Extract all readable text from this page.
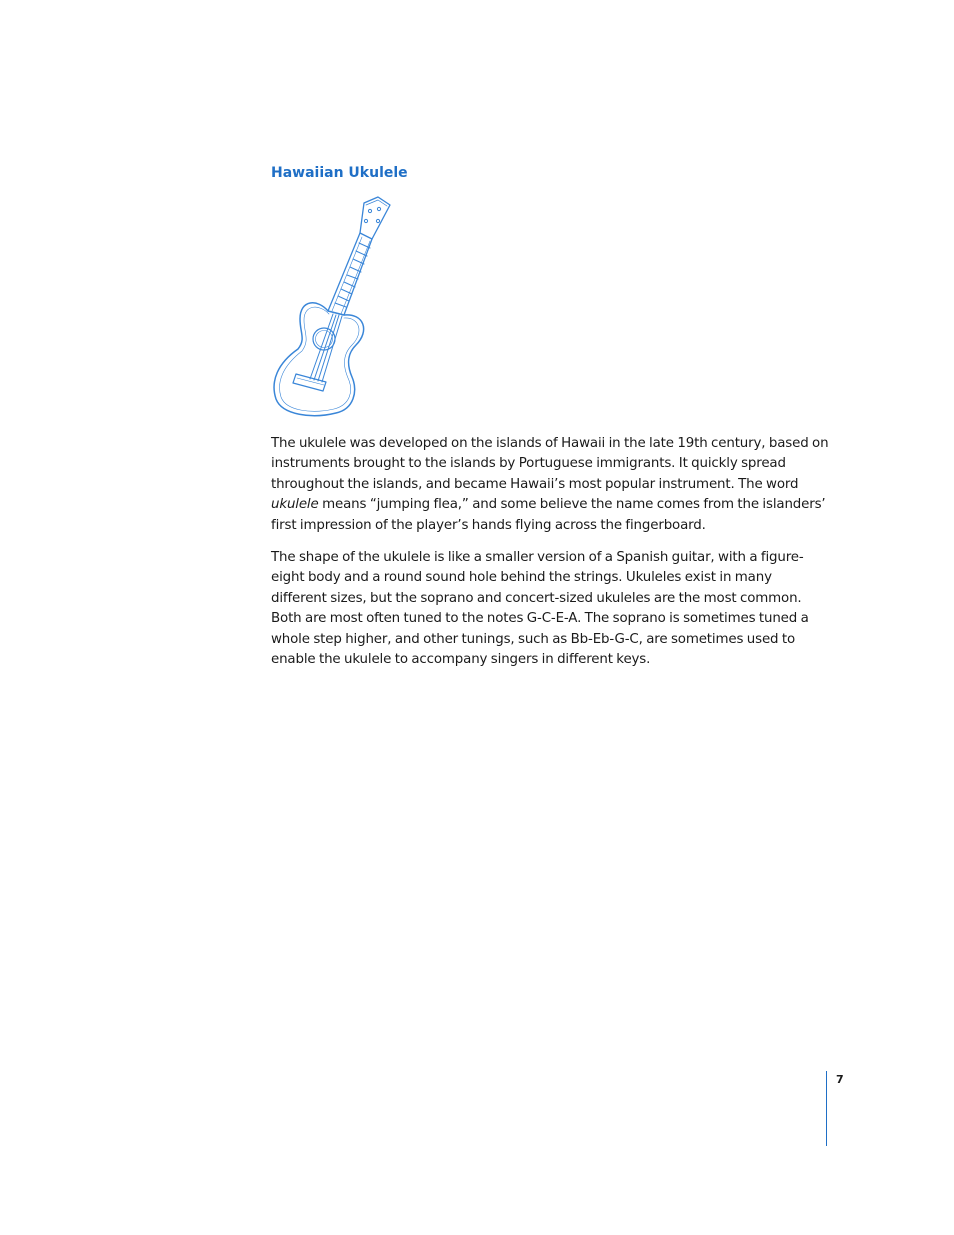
Hawaiian Ukulele

The ukulele was developed on the islands of Hawaii in the late 19th century, based on instruments brought to the islands by Portuguese immigrants. It quickly spread throughout the islands, and became Hawaii’s most popular instrument. The word ukulele means “jumping flea,” and some believe the name comes from the islanders’ first impression of the player’s hands flying across the fingerboard.

The shape of the ukulele is like a smaller version of a Spanish guitar, with a figure-eight body and a round sound hole behind the strings. Ukuleles exist in many different sizes, but the soprano and concert-sized ukuleles are the most common. Both are most often tuned to the notes G-C-E-A. The soprano is sometimes tuned a whole step higher, and other tunings, such as Bb-Eb-G-C, are sometimes used to enable the ukulele to accompany singers in different keys.

7
